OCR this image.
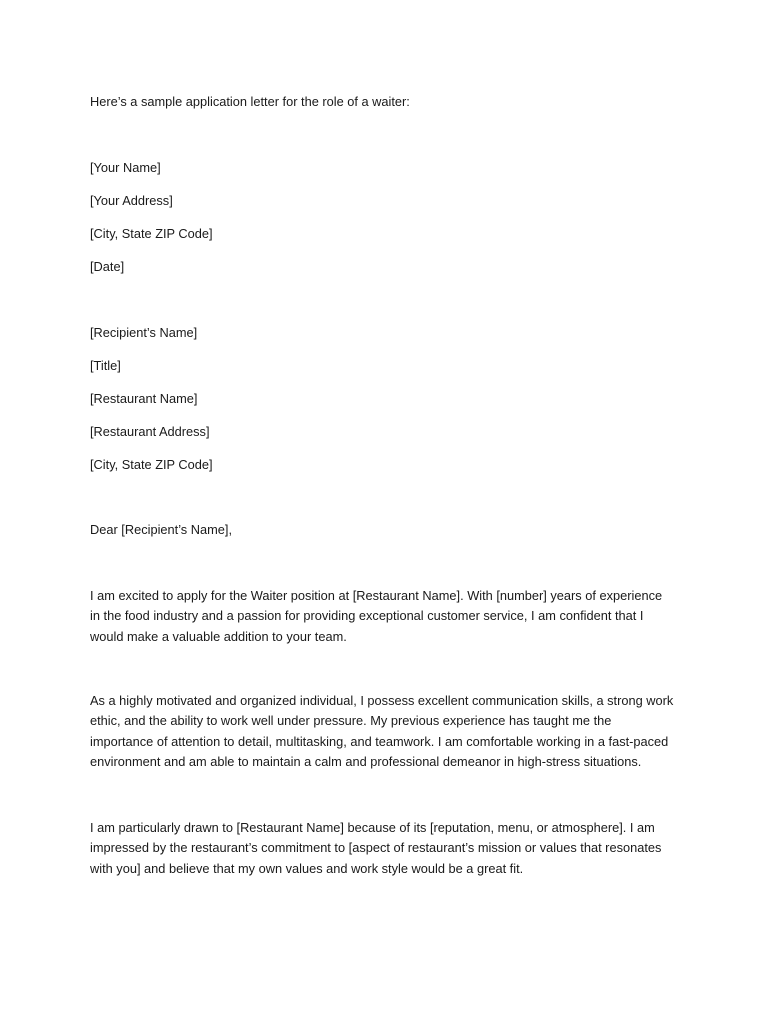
Here’s a sample application letter for the role of a waiter:
[Your Name]
[Your Address]
[City, State ZIP Code]
[Date]
[Recipient’s Name]
[Title]
[Restaurant Name]
[Restaurant Address]
[City, State ZIP Code]
Dear [Recipient’s Name],
I am excited to apply for the Waiter position at [Restaurant Name]. With [number] years of experience
in the food industry and a passion for providing exceptional customer service, I am confident that I
would make a valuable addition to your team.
As a highly motivated and organized individual, I possess excellent communication skills, a strong work
ethic, and the ability to work well under pressure. My previous experience has taught me the
importance of attention to detail, multitasking, and teamwork. I am comfortable working in a fast-paced
environment and am able to maintain a calm and professional demeanor in high-stress situations.
I am particularly drawn to [Restaurant Name] because of its [reputation, menu, or atmosphere]. I am
impressed by the restaurant’s commitment to [aspect of restaurant’s mission or values that resonates
with you] and believe that my own values and work style would be a great fit.
